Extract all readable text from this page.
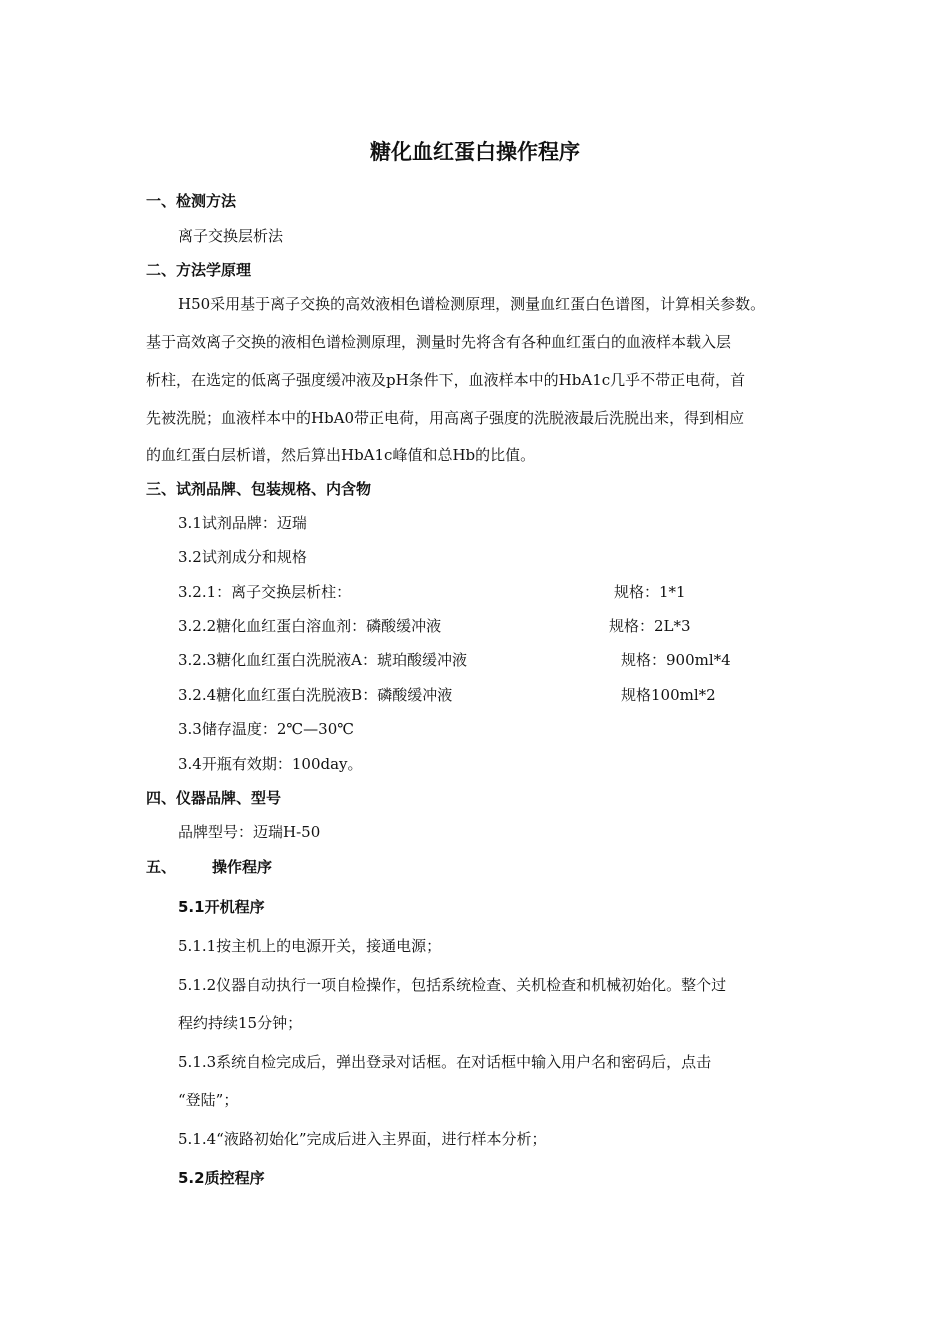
糖化血红蛋白操作程序
一、检测方法
离子交换层析法
二、方法学原理
H50采用基于离子交换的高效液相色谱检测原理，测量血红蛋白色谱图，计算相关参数。
基于高效离子交换的液相色谱检测原理，测量时先将含有各种血红蛋白的血液样本载入层
析柱，在选定的低离子强度缓冲液及pH条件下，血液样本中的HbA1c几乎不带正电荷，首
先被洗脱；血液样本中的HbA0带正电荷，用高离子强度的洗脱液最后洗脱出来，得到相应
的血红蛋白层析谱，然后算出HbA1c峰值和总Hb的比值。
三、试剂品牌、包装规格、内含物
3.1试剂品牌：迈瑞
3.2试剂成分和规格
3.2.1：离子交换层析柱：	规格：1*1
3.2.2糖化血红蛋白溶血剂：磷酸缓冲液	规格：2L*3
3.2.3糖化血红蛋白洗脱液A：琥珀酸缓冲液	规格：900ml*4
3.2.4糖化血红蛋白洗脱液B：磷酸缓冲液	规格100ml*2
3.3储存温度：2℃—30℃
3.4开瓶有效期：100day。
四、仪器品牌、型号
品牌型号：迈瑞H-50
五、 操作程序
5.1开机程序
5.1.1按主机上的电源开关，接通电源；
5.1.2仪器自动执行一项自检操作，包括系统检查、关机检查和机械初始化。整个过
程约持续15分钟；
5.1.3系统自检完成后，弹出登录对话框。在对话框中输入用户名和密码后，点击
“登陆”；
5.1.4“液路初始化”完成后进入主界面，进行样本分析；
5.2质控程序
